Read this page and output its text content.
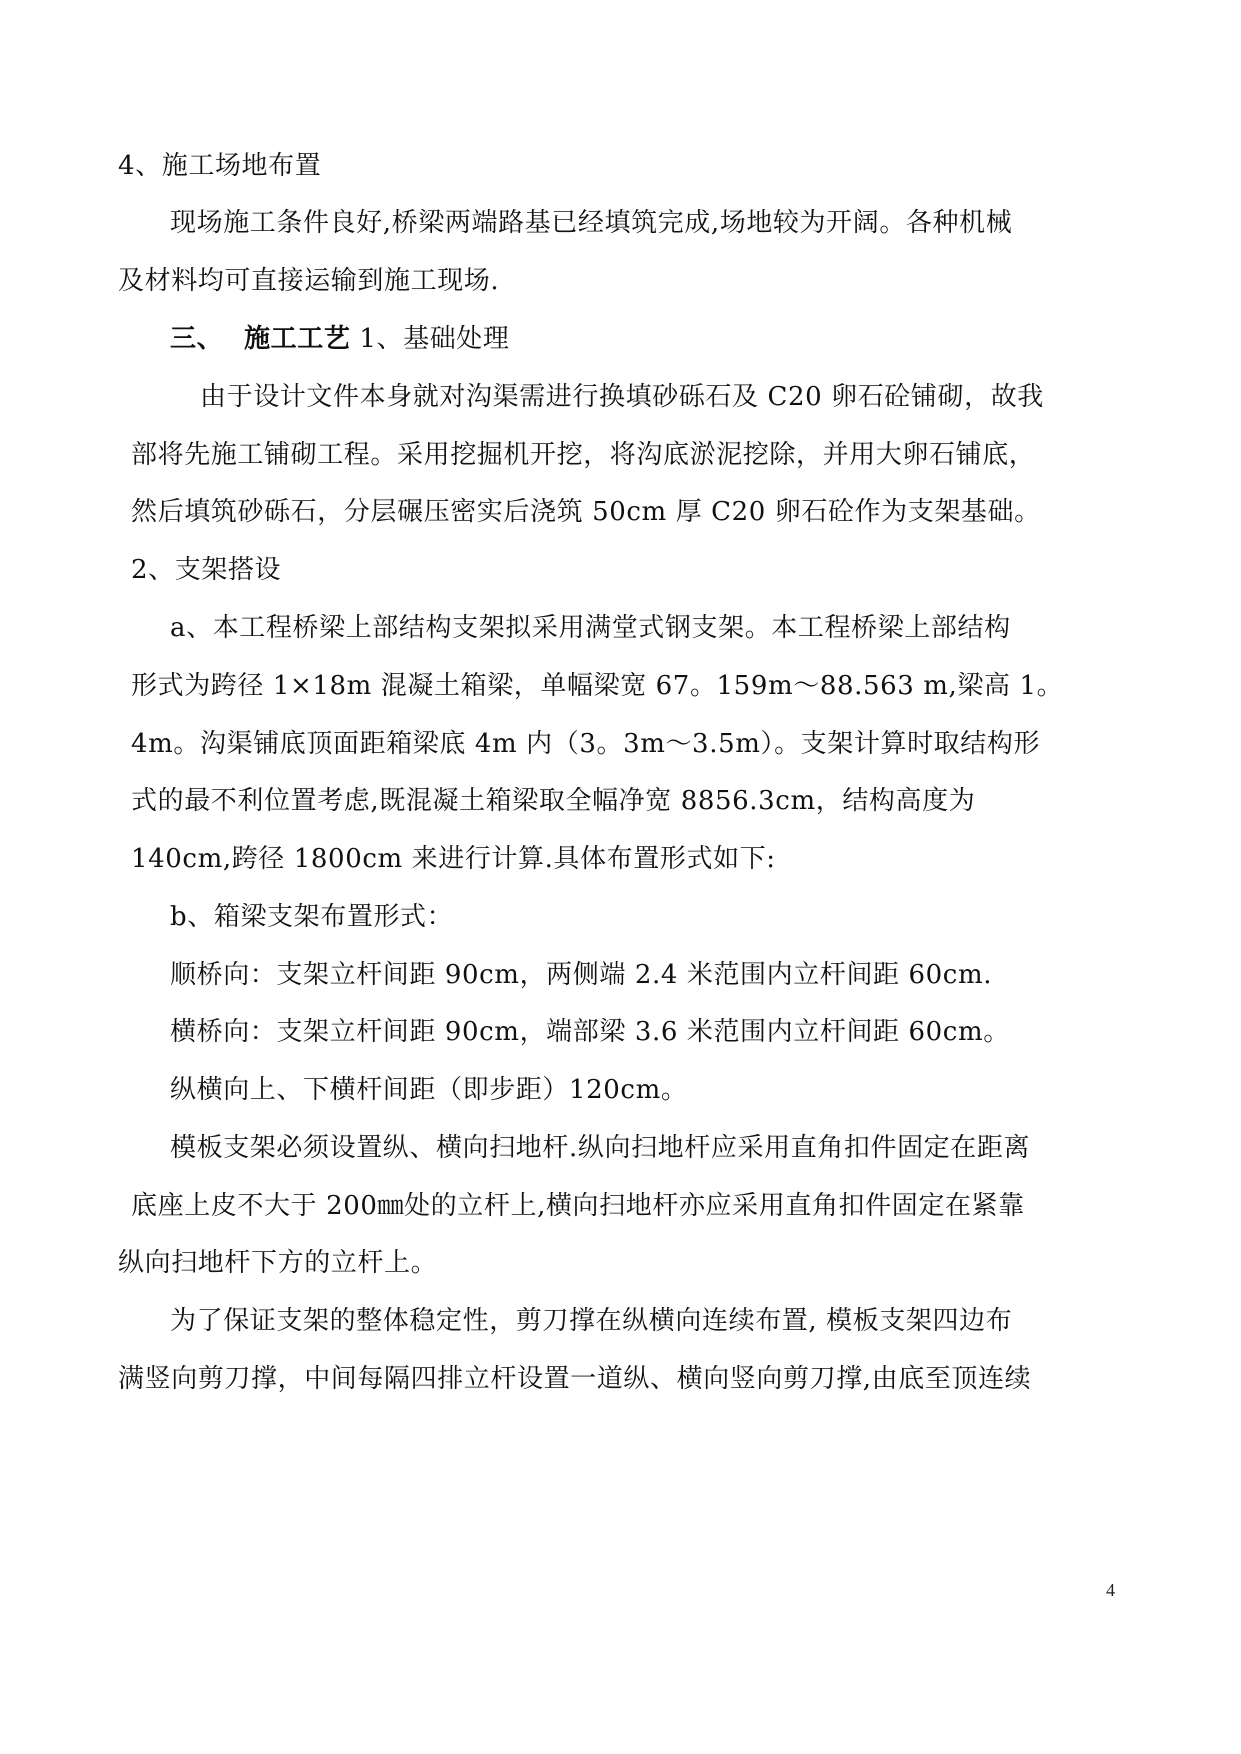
4、施工场地布置
现场施工条件良好,桥梁两端路基已经填筑完成,场地较为开阔。各种机械
及材料均可直接运输到施工现场.
三、 施工工艺 1、基础处理
由于设计文件本身就对沟渠需进行换填砂砾石及 C20 卵石砼铺砌，故我
部将先施工铺砌工程。采用挖掘机开挖，将沟底淤泥挖除，并用大卵石铺底，
然后填筑砂砾石，分层碾压密实后浇筑 50cm 厚 C20 卵石砼作为支架基础。
2、支架搭设
a、本工程桥梁上部结构支架拟采用满堂式钢支架。本工程桥梁上部结构
形式为跨径 1×18m 混凝土箱梁，单幅梁宽 67。159m～88.563 m,梁高 1。
4m。沟渠铺底顶面距箱梁底 4m 内（3。3m～3.5m）。支架计算时取结构形
式的最不利位置考虑,既混凝土箱梁取全幅净宽 8856.3cm，结构高度为
140cm,跨径 1800cm 来进行计算.具体布置形式如下:
b、箱梁支架布置形式：
顺桥向：支架立杆间距 90cm，两侧端 2.4 米范围内立杆间距 60cm.
横桥向：支架立杆间距 90cm，端部梁 3.6 米范围内立杆间距 60cm。
纵横向上、下横杆间距（即步距）120cm。
模板支架必须设置纵、横向扫地杆.纵向扫地杆应采用直角扣件固定在距离
底座上皮不大于 200㎜处的立杆上,横向扫地杆亦应采用直角扣件固定在紧靠
纵向扫地杆下方的立杆上。
为了保证支架的整体稳定性，剪刀撑在纵横向连续布置, 模板支架四边布
满竖向剪刀撑，中间每隔四排立杆设置一道纵、横向竖向剪刀撑,由底至顶连续
4
